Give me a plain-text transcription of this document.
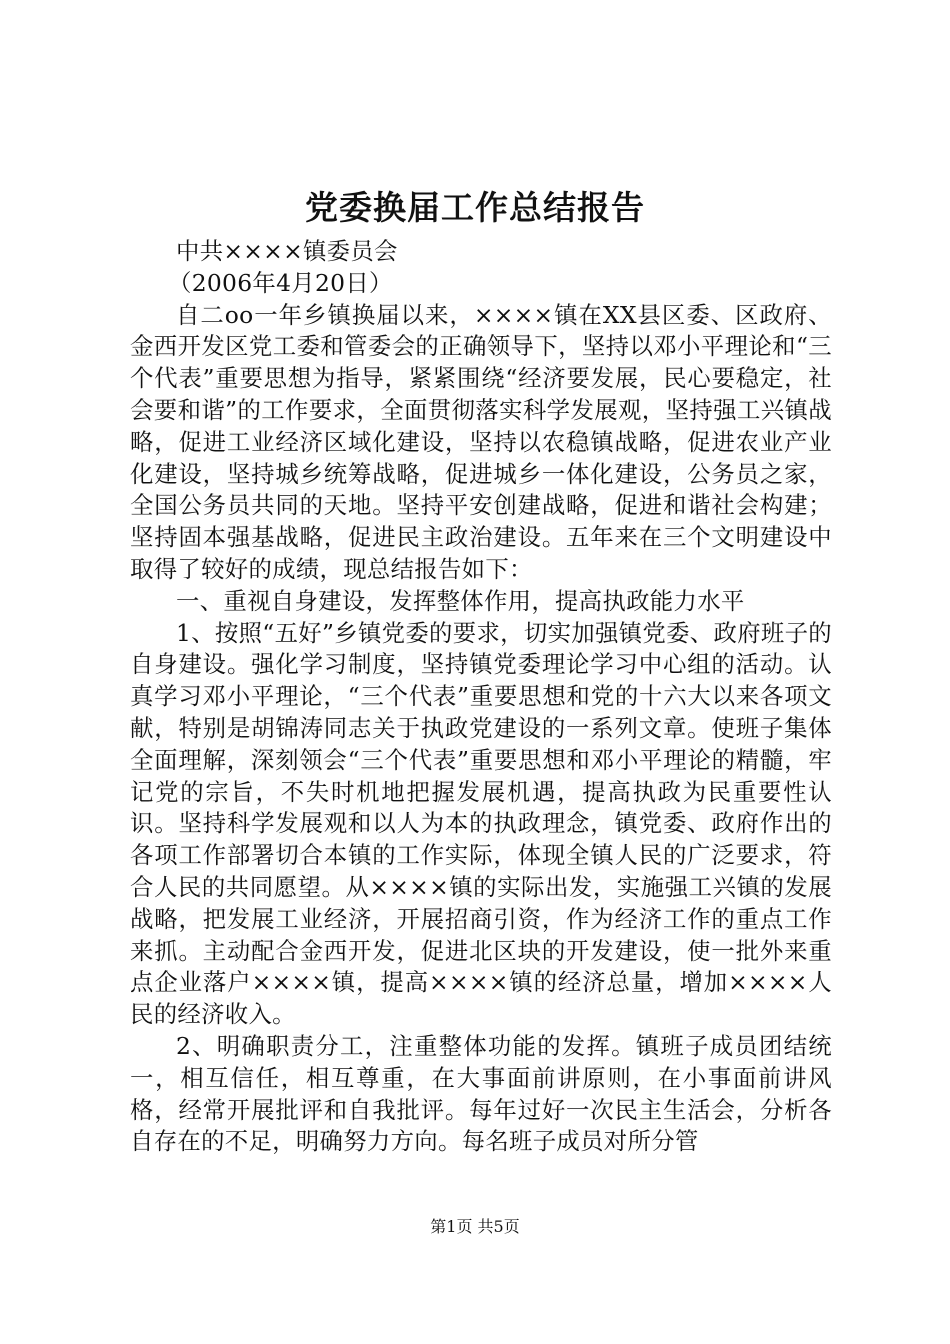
党委换届工作总结报告

中共××××镇委员会

（2006年4月20日）

自二oo一年乡镇换届以来，××××镇在XX县区委、区政府、金西开发区党工委和管委会的正确领导下，坚持以邓小平理论和“三个代表”重要思想为指导，紧紧围绕“经济要发展，民心要稳定，社会要和谐”的工作要求，全面贯彻落实科学发展观，坚持强工兴镇战略，促进工业经济区域化建设，坚持以农稳镇战略，促进农业产业化建设，坚持城乡统筹战略，促进城乡一体化建设，公务员之家，全国公务员共同的天地。坚持平安创建战略，促进和谐社会构建；坚持固本强基战略，促进民主政治建设。五年来在三个文明建设中取得了较好的成绩，现总结报告如下：

一、重视自身建设，发挥整体作用，提高执政能力水平

1、按照“五好”乡镇党委的要求，切实加强镇党委、政府班子的自身建设。强化学习制度，坚持镇党委理论学习中心组的活动。认真学习邓小平理论，“三个代表”重要思想和党的十六大以来各项文献，特别是胡锦涛同志关于执政党建设的一系列文章。使班子集体全面理解，深刻领会“三个代表”重要思想和邓小平理论的精髓，牢记党的宗旨，不失时机地把握发展机遇，提高执政为民重要性认识。坚持科学发展观和以人为本的执政理念，镇党委、政府作出的各项工作部署切合本镇的工作实际，体现全镇人民的广泛要求，符合人民的共同愿望。从××××镇的实际出发，实施强工兴镇的发展战略，把发展工业经济，开展招商引资，作为经济工作的重点工作来抓。主动配合金西开发，促进北区块的开发建设，使一批外来重点企业落户××××镇，提高××××镇的经济总量，增加××××人民的经济收入。

2、明确职责分工，注重整体功能的发挥。镇班子成员团结统一，相互信任，相互尊重，在大事面前讲原则，在小事面前讲风格，经常开展批评和自我批评。每年过好一次民主生活会，分析各自存在的不足，明确努力方向。每名班子成员对所分管

第1页 共5页
